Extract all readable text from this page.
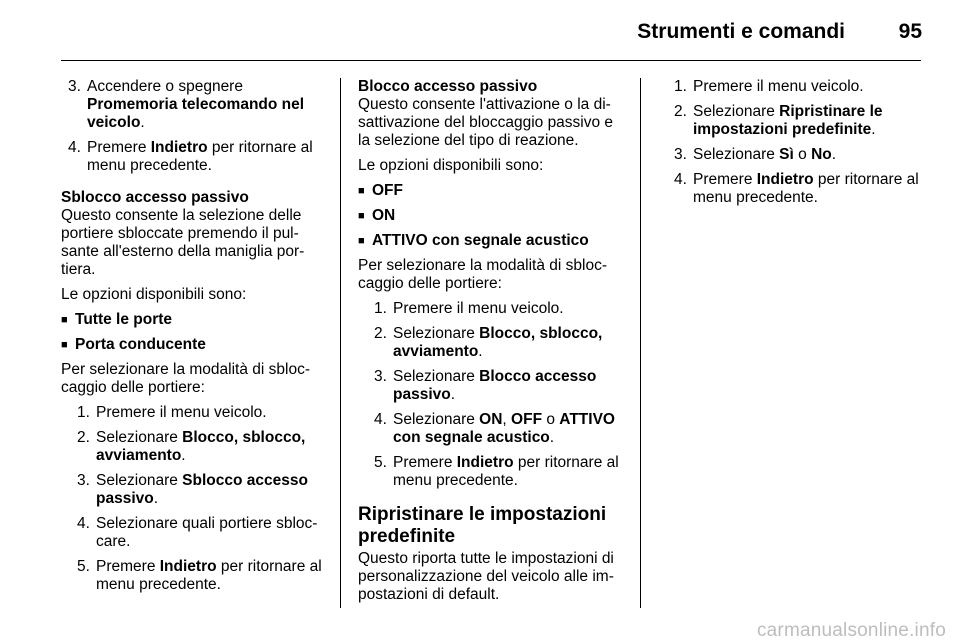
Strumenti e comandi	95
3. Accendere o spegnere Promemoria telecomando nel veicolo.
4. Premere Indietro per ritornare al menu precedente.
Sblocco accesso passivo

Questo consente la selezione delle portiere sbloccate premendo il pul-sante all'esterno della maniglia por-tiera.

Le opzioni disponibili sono:

■ Tutte le porte
■ Porta conducente

Per selezionare la modalità di sbloc-caggio delle portiere:

1. Premere il menu veicolo.
2. Selezionare Blocco, sblocco, avviamento.
3. Selezionare Sblocco accesso passivo.
4. Selezionare quali portiere sbloc-care.
5. Premere Indietro per ritornare al menu precedente.
Blocco accesso passivo

Questo consente l'attivazione o la di-sattivazione del bloccaggio passivo e la selezione del tipo di reazione.

Le opzioni disponibili sono:

■ OFF
■ ON
■ ATTIVO con segnale acustico

Per selezionare la modalità di sbloc-caggio delle portiere:

1. Premere il menu veicolo.
2. Selezionare Blocco, sblocco, avviamento.
3. Selezionare Blocco accesso passivo.
4. Selezionare ON, OFF o ATTIVO con segnale acustico.
5. Premere Indietro per ritornare al menu precedente.
Ripristinare le impostazioni predefinite

Questo riporta tutte le impostazioni di personalizzazione del veicolo alle im-postazioni di default.

1. Premere il menu veicolo.
2. Selezionare Ripristinare le impostazioni predefinite.
3. Selezionare Sì o No.
4. Premere Indietro per ritornare al menu precedente.
carmanualsonline.info
